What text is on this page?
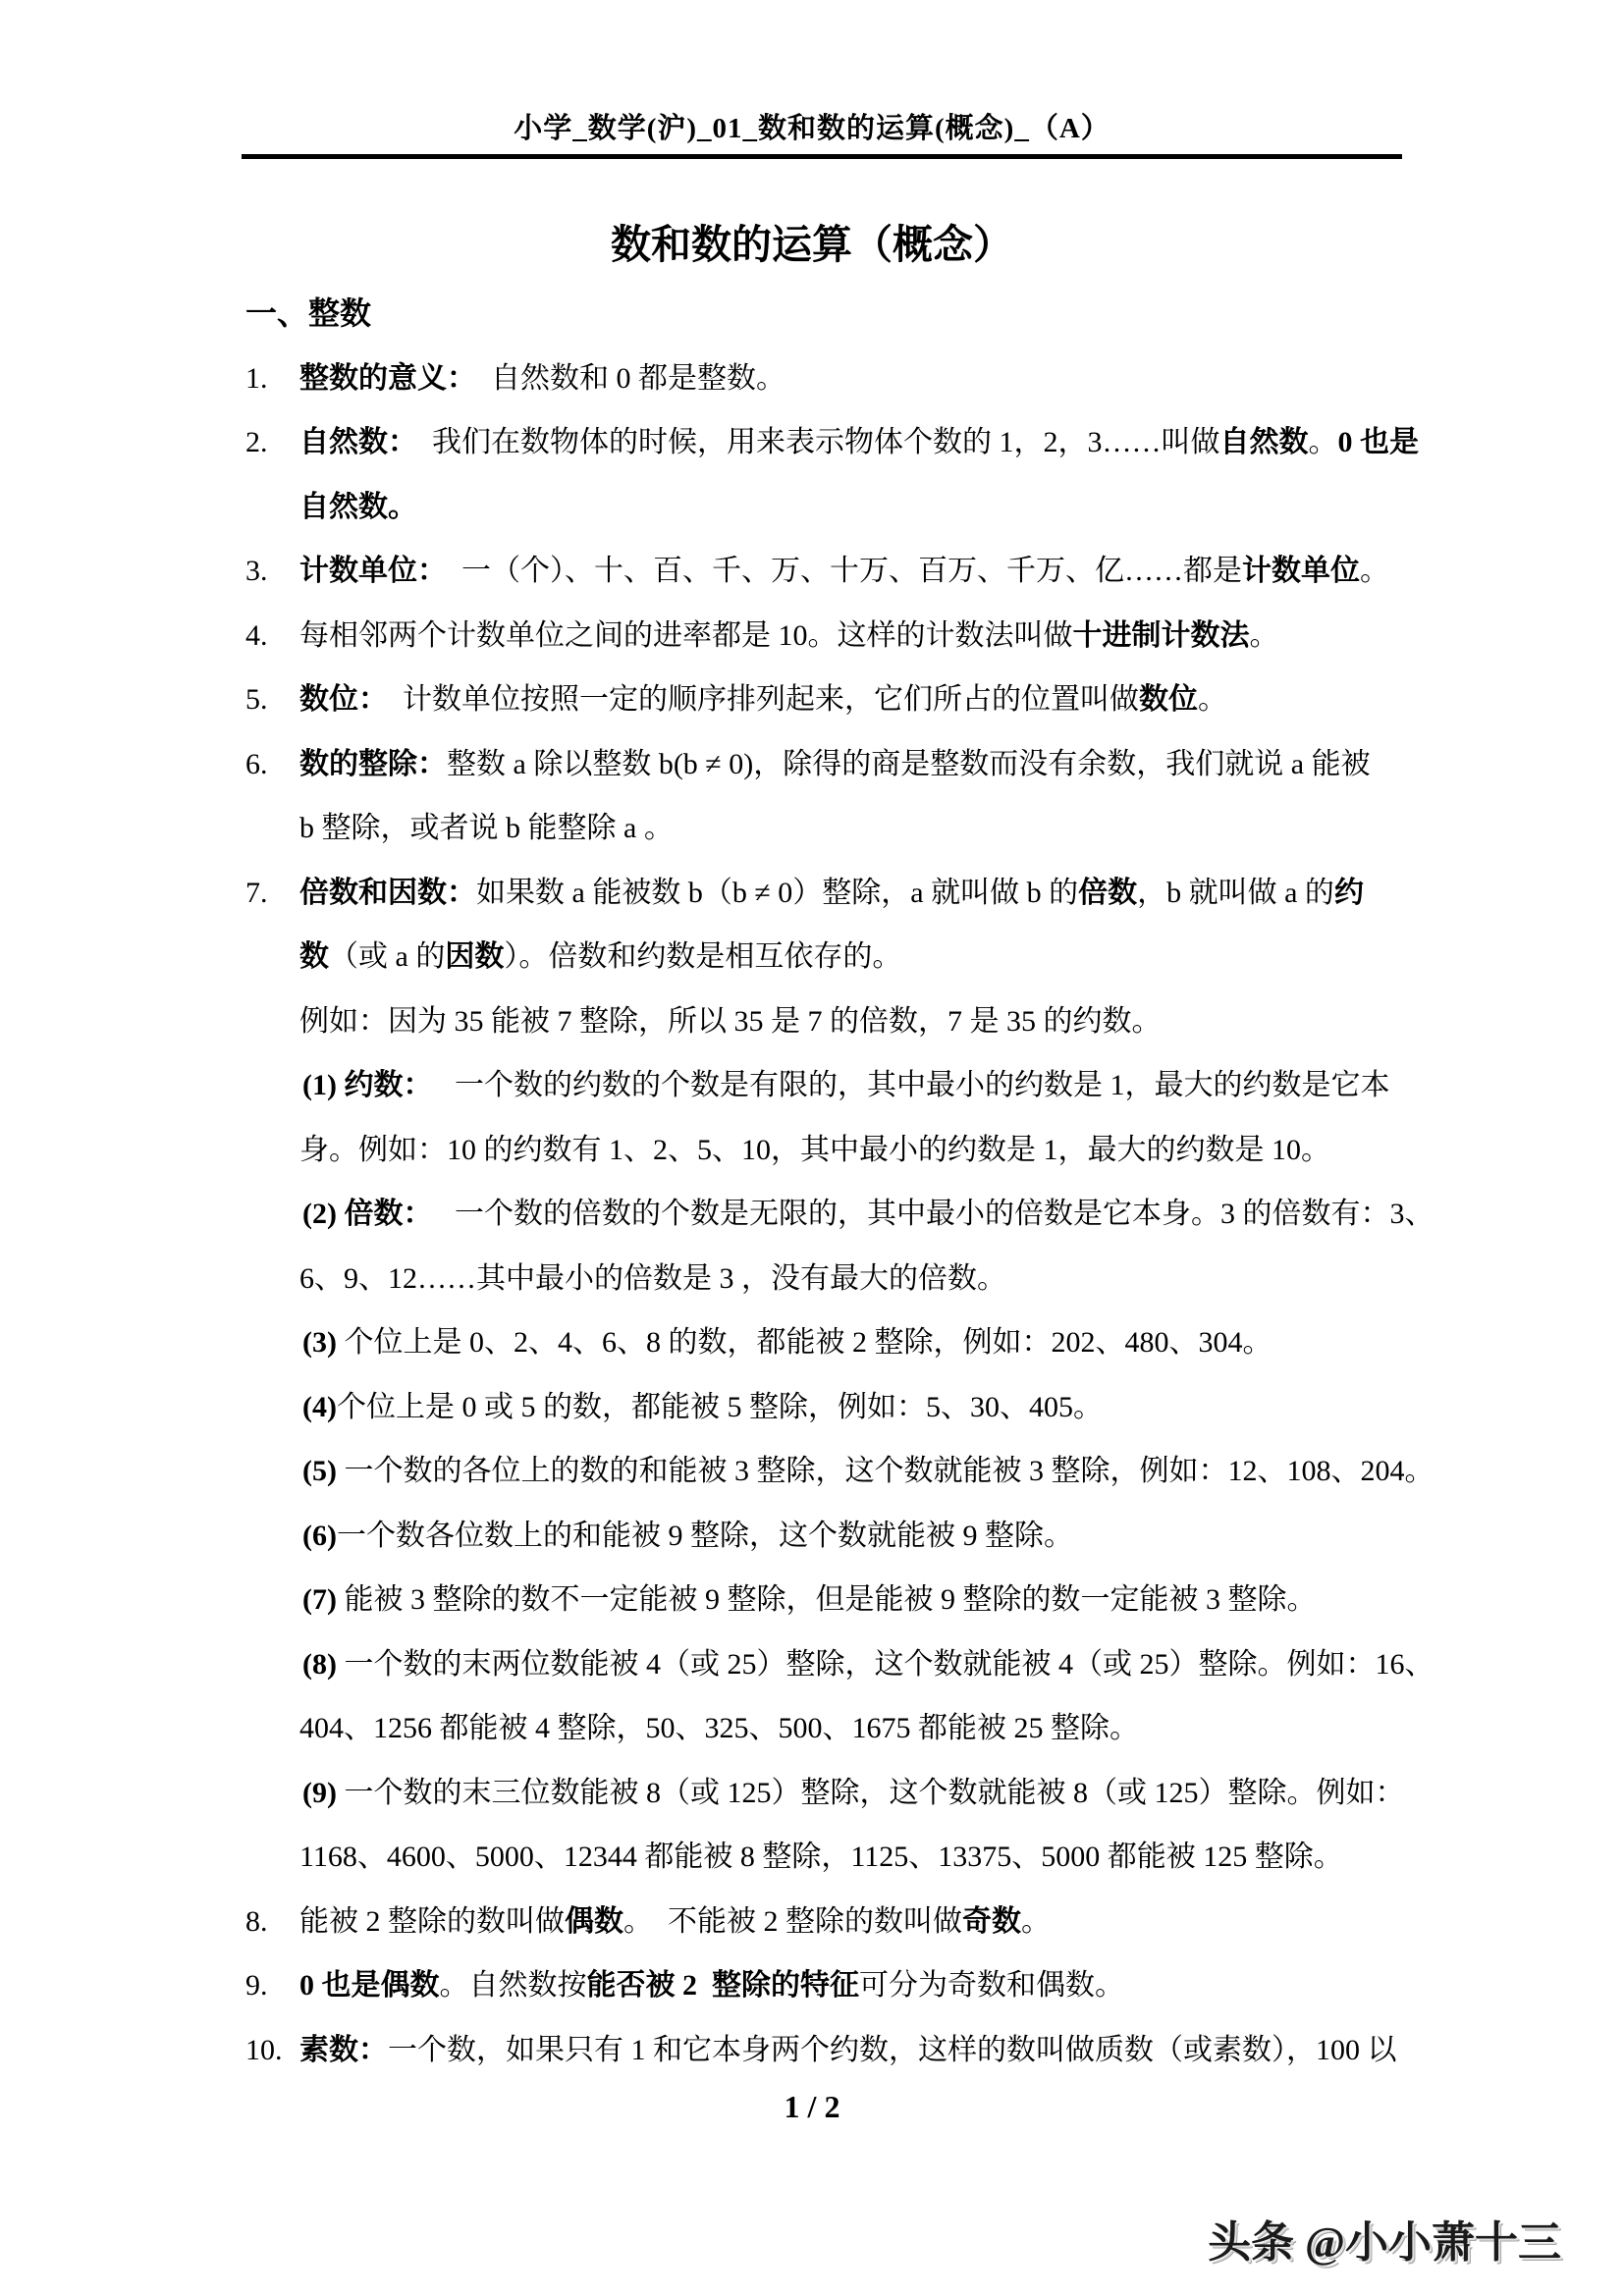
小学_数学(沪)_01_数和数的运算(概念)_（A）
数和数的运算（概念）
一、整数
1. 整数的意义：　自然数和 0 都是整数。
2. 自然数：　我们在数物体的时候，用来表示物体个数的 1，2，3……叫做自然数。0 也是
自然数。
3. 计数单位：　一（个）、十、百、千、万、十万、百万、千万、亿……都是计数单位。
4. 每相邻两个计数单位之间的进率都是 10。这样的计数法叫做十进制计数法。
5. 数位：　计数单位按照一定的顺序排列起来，它们所占的位置叫做数位。
6. 数的整除：整数 a 除以整数 b(b ≠ 0)，除得的商是整数而没有余数，我们就说 a 能被
b 整除，或者说 b 能整除 a 。
7. 倍数和因数：如果数 a 能被数 b（b ≠ 0）整除，a 就叫做 b 的倍数，b 就叫做 a 的约
数（或 a 的因数）。倍数和约数是相互依存的。
例如：因为 35 能被 7 整除，所以 35 是 7 的倍数，7 是 35 的约数。
(1) 约数：　 一个数的约数的个数是有限的，其中最小的约数是 1，最大的约数是它本
身。例如：10 的约数有 1、2、5、10，其中最小的约数是 1，最大的约数是 10。
(2) 倍数：　 一个数的倍数的个数是无限的，其中最小的倍数是它本身。3 的倍数有：3、
6、9、12……其中最小的倍数是 3 ，没有最大的倍数。
(3) 个位上是 0、2、4、6、8 的数，都能被 2 整除，例如：202、480、304。
(4)个位上是 0 或 5 的数，都能被 5 整除，例如：5、30、405。
(5) 一个数的各位上的数的和能被 3 整除，这个数就能被 3 整除，例如：12、108、204。
(6)一个数各位数上的和能被 9 整除，这个数就能被 9 整除。
(7) 能被 3 整除的数不一定能被 9 整除，但是能被 9 整除的数一定能被 3 整除。
(8) 一个数的末两位数能被 4（或 25）整除，这个数就能被 4（或 25）整除。例如：16、
404、1256 都能被 4 整除，50、325、500、1675 都能被 25 整除。
(9) 一个数的末三位数能被 8（或 125）整除，这个数就能被 8（或 125）整除。例如：
1168、4600、5000、12344 都能被 8 整除，1125、13375、5000 都能被 125 整除。
8. 能被 2 整除的数叫做偶数。　不能被 2 整除的数叫做奇数。
9. 0 也是偶数。自然数按能否被 2  整除的特征可分为奇数和偶数。
10. 素数：一个数，如果只有 1 和它本身两个约数，这样的数叫做质数（或素数），100 以
1 / 2
头条 @小小萧十三
